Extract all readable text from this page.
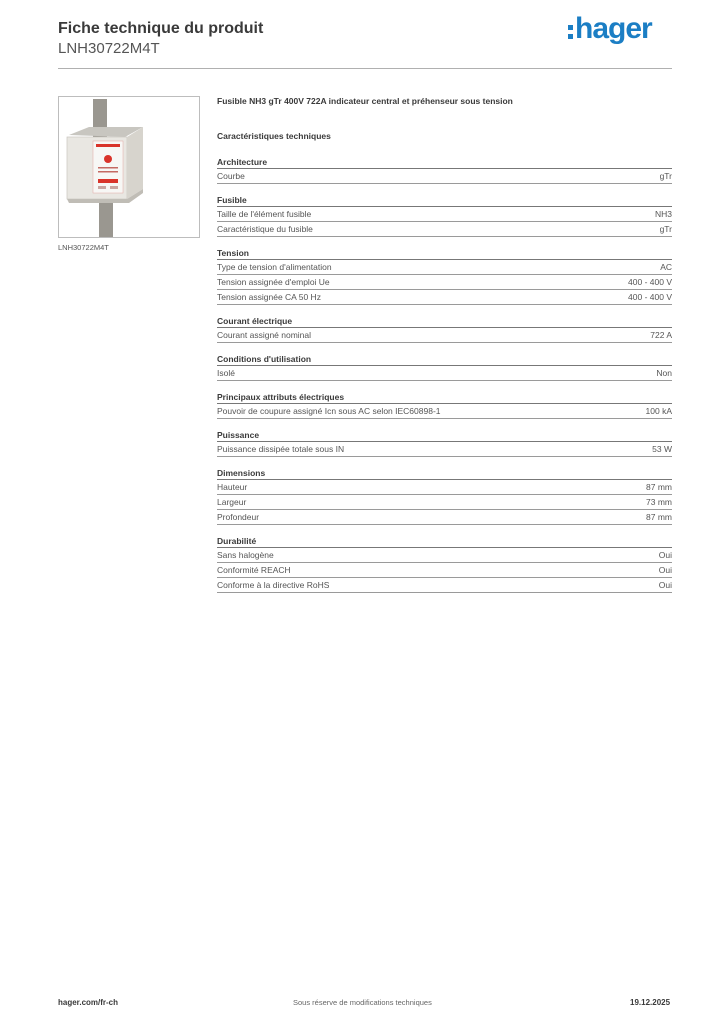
Fiche technique du produit
LNH30722M4T
hager
LNH30722M4T
Fusible NH3 gTr 400V 722A indicateur central et préhenseur sous tension
Caractéristiques techniques
Architecture
Courbe	gTr
Fusible
Taille de l'élément fusible	NH3
Caractéristique du fusible	gTr
Tension
Type de tension d'alimentation	AC
Tension assignée d'emploi Ue	400 - 400 V
Tension assignée CA 50 Hz	400 - 400 V
Courant électrique
Courant assigné nominal	722 A
Conditions d'utilisation
Isolé	Non
Principaux attributs électriques
Pouvoir de coupure assigné Icn sous AC selon IEC60898-1	100 kA
Puissance
Puissance dissipée totale sous IN	53 W
Dimensions
Hauteur	87 mm
Largeur	73 mm
Profondeur	87 mm
Durabilité
Sans halogène	Oui
Conformité REACH	Oui
Conforme à la directive RoHS	Oui
hager.com/fr-ch	Sous réserve de modifications techniques	19.12.2025
